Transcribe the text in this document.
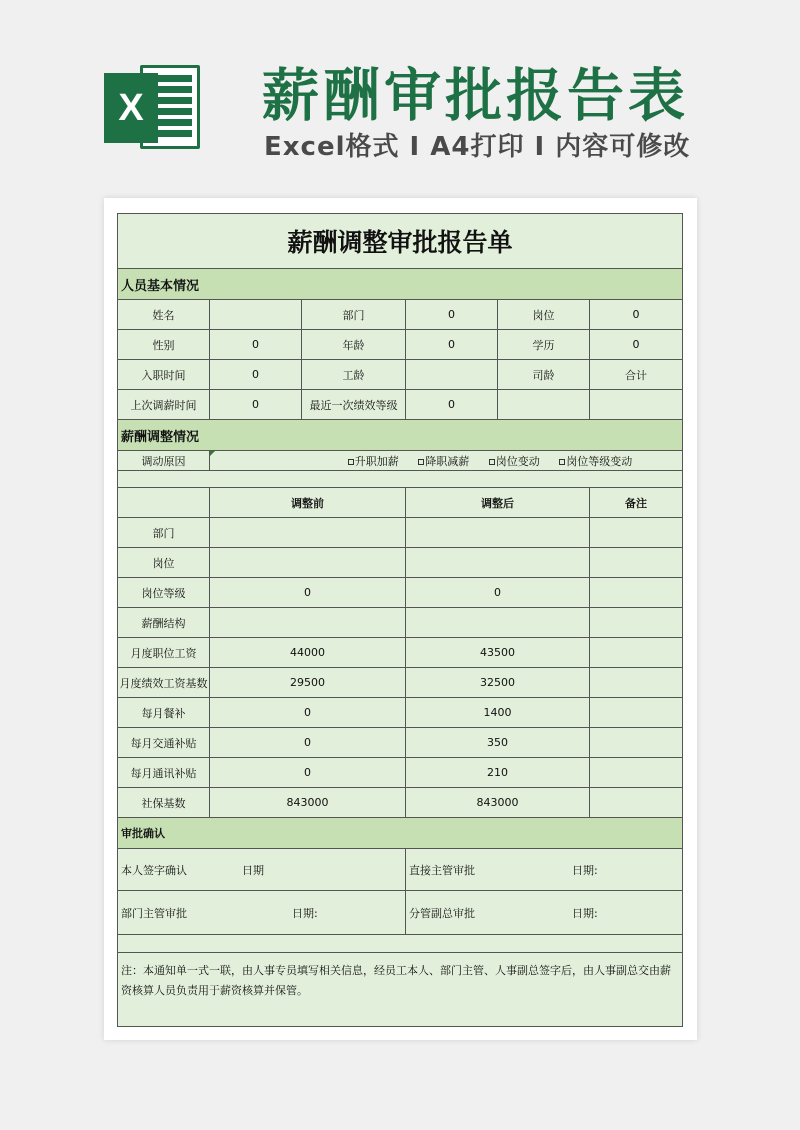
X 薪酬审批报告表
Excel格式 I A4打印 I 内容可修改
薪酬调整审批报告单					
人员基本情况					
姓名		部门	0	岗位	0
性别	0	年龄	0	学历	0
入职时间	0	工龄		司龄	合计
上次调薪时间	0	最近一次绩效等级	0		
薪酬调整情况					
调动原因	升职加薪 降职减薪 岗位变动 岗位等级变动				

	调整前		调整后		备注
部门					
岗位					
岗位等级	0		0		
薪酬结构					
月度职位工资	44000		43500		
月度绩效工资基数	29500		32500		
每月餐补	0		1400		
每月交通补贴	0		350		
每月通讯补贴	0		210		
社保基数	843000		843000		
审批确认					

本人签字确认 日期			直接主管审批 日期:		

部门主管审批 日期:			分管副总审批 日期:		

注：本通知单一式一联，由人事专员填写相关信息，经员工本人、部门主管、人事副总签字后，由人事副总交由薪资核算人员负责用于薪资核算并保管。					
